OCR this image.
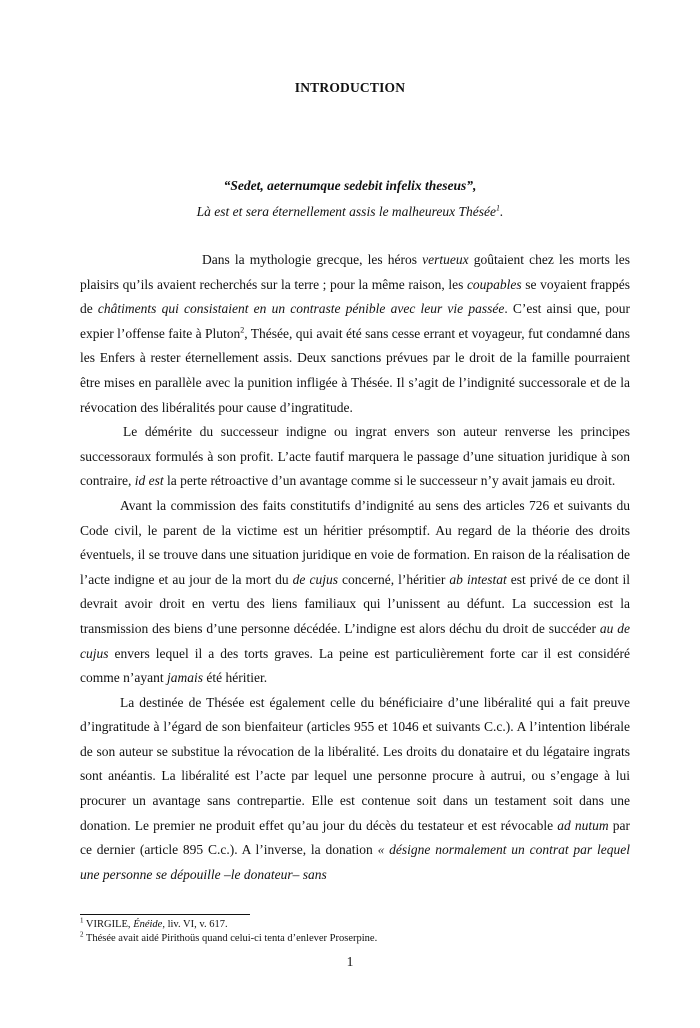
INTRODUCTION
“Sedet, aeternumque sedebit infelix theseus”,
Là est et sera éternellement assis le malheureux Thésée$^1$.

Dans la mythologie grecque, les héros vertueux goûtaient chez les morts les plaisirs qu’ils avaient recherchés sur la terre ; pour la même raison, les coupables se voyaient frappés de châtiments qui consistaient en un contraste pénible avec leur vie passée. C’est ainsi que, pour expier l’offense faite à Pluton$^2$, Thésée, qui avait été sans cesse errant et voyageur, fut condamné dans les Enfers à rester éternellement assis. Deux sanctions prévues par le droit de la famille pourraient être mises en parallèle avec la punition infligée à Thésée. Il s’agit de l’indignité successorale et de la révocation des libéralités pour cause d’ingratitude.

Le démérite du successeur indigne ou ingrat envers son auteur renverse les principes successoraux formulés à son profit. L’acte fautif marquera le passage d’une situation juridique à son contraire, id est la perte rétroactive d’un avantage comme si le successeur n’y avait jamais eu droit.

Avant la commission des faits constitutifs d’indignité au sens des articles 726 et suivants du Code civil, le parent de la victime est un héritier présomptif. Au regard de la théorie des droits éventuels, il se trouve dans une situation juridique en voie de formation. En raison de la réalisation de l’acte indigne et au jour de la mort du de cujus concerné, l’héritier ab intestat est privé de ce dont il devrait avoir droit en vertu des liens familiaux qui l’unissent au défunt. La succession est la transmission des biens d’une personne décédée. L’indigne est alors déchu du droit de succéder au de cujus envers lequel il a des torts graves. La peine est particulièrement forte car il est considéré comme n’ayant jamais été héritier.

La destinée de Thésée est également celle du bénéficiaire d’une libéralité qui a fait preuve d’ingratitude à l’égard de son bienfaiteur (articles 955 et 1046 et suivants C.c.). A l’intention libérale de son auteur se substitue la révocation de la libéralité. Les droits du donataire et du légataire ingrats sont anéantis. La libéralité est l’acte par lequel une personne procure à autrui, ou s’engage à lui procurer un avantage sans contrepartie. Elle est contenue soit dans un testament soit dans une donation. Le premier ne produit effet qu’au jour du décès du testateur et est révocable ad nutum par ce dernier (article 895 C.c.). A l’inverse, la donation « désigne normalement un contrat par lequel une personne se dépouille –le donateur– sans

$^1$ VIRGILE, Énéide, liv. VI, v. 617.
$^2$ Thésée avait aidé Pirithoüs quand celui-ci tenta d’enlever Proserpine.
1
